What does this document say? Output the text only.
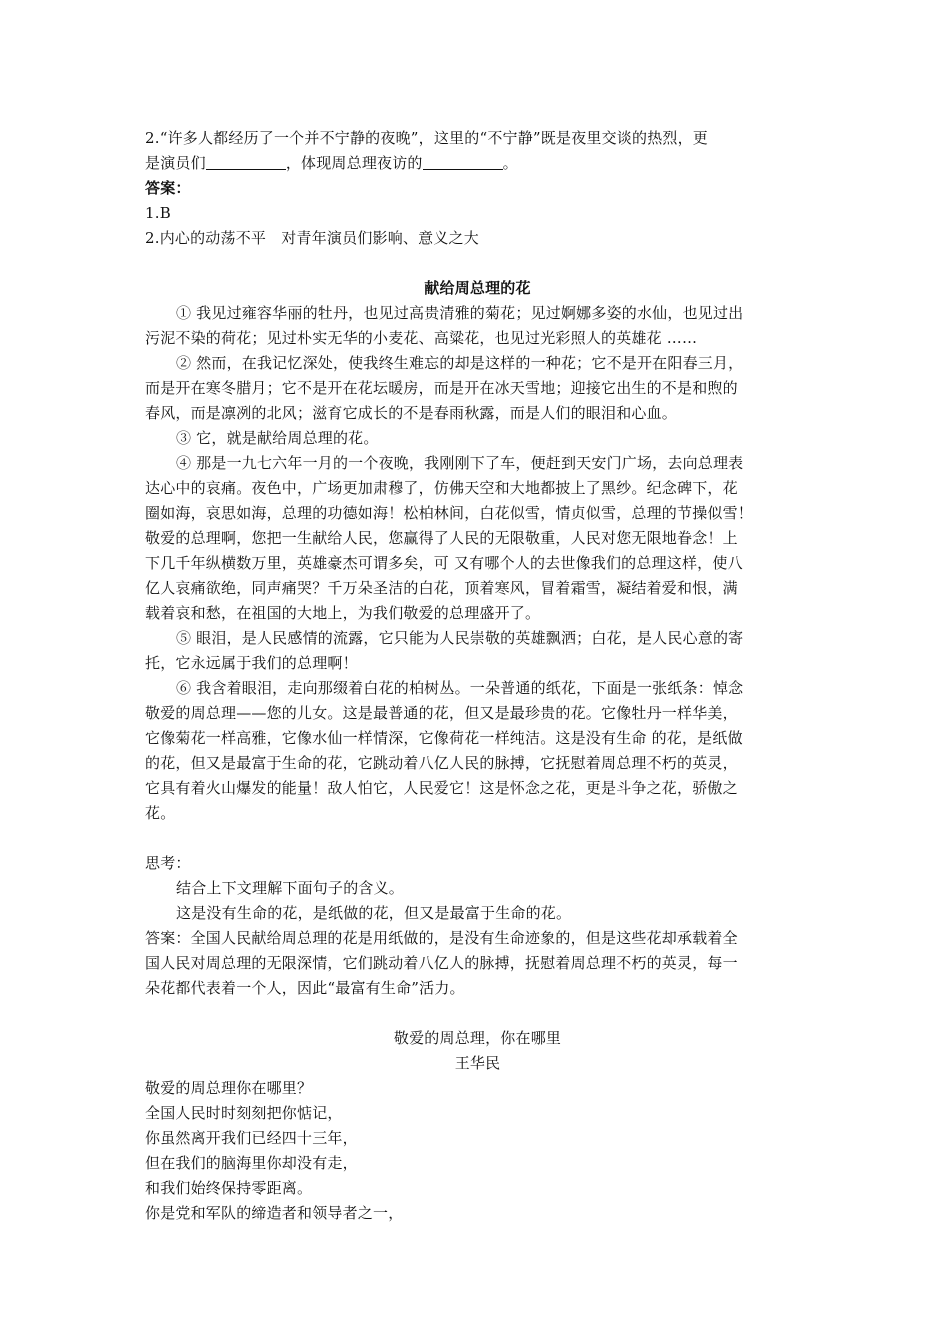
2.“许多人都经历了一个并不宁静的夜晚”，这里的“不宁静”既是夜里交谈的热烈，更
是演员们	，体现周总理夜访的	。
答案：
1.B
2.内心的动荡不平　对青年演员们影响、意义之大
献给周总理的花
① 我见过雍容华丽的牡丹，也见过高贵清雅的菊花；见过婀娜多姿的水仙，也见过出
污泥不染的荷花；见过朴实无华的小麦花、高粱花，也见过光彩照人的英雄花 ……
② 然而，在我记忆深处，使我终生难忘的却是这样的一种花；它不是开在阳春三月，
而是开在寒冬腊月；它不是开在花坛暖房，而是开在冰天雪地；迎接它出生的不是和煦的
春风，而是凛冽的北风；滋育它成长的不是春雨秋露，而是人们的眼泪和心血。
③ 它，就是献给周总理的花。
④ 那是一九七六年一月的一个夜晚，我刚刚下了车，便赶到天安门广场，去向总理表
达心中的哀痛。夜色中，广场更加肃穆了，仿佛天空和大地都披上了黑纱。纪念碑下，花
圈如海，哀思如海，总理的功德如海！松柏林间，白花似雪，情贞似雪，总理的节操似雪！
敬爱的总理啊，您把一生献给人民，您赢得了人民的无限敬重，人民对您无限地眷念！上
下几千年纵横数万里，英雄豪杰可谓多矣，可 又有哪个人的去世像我们的总理这样，使八
亿人哀痛欲绝，同声痛哭？千万朵圣洁的白花，顶着寒风，冒着霜雪，凝结着爱和恨，满
载着哀和愁，在祖国的大地上，为我们敬爱的总理盛开了。
⑤ 眼泪，是人民感情的流露，它只能为人民崇敬的英雄飘洒；白花，是人民心意的寄
托，它永远属于我们的总理啊！
⑥ 我含着眼泪，走向那缀着白花的柏树丛。一朵普通的纸花，下面是一张纸条：悼念
敬爱的周总理——您的儿女。这是最普通的花，但又是最珍贵的花。它像牡丹一样华美，
它像菊花一样高雅，它像水仙一样情深，它像荷花一样纯洁。这是没有生命 的花，是纸做
的花，但又是最富于生命的花，它跳动着八亿人民的脉搏，它抚慰着周总理不朽的英灵，
它具有着火山爆发的能量！敌人怕它，人民爱它！这是怀念之花，更是斗争之花，骄傲之
花。
思考：
结合上下文理解下面句子的含义。
这是没有生命的花，是纸做的花，但又是最富于生命的花。
答案：全国人民献给周总理的花是用纸做的，是没有生命迹象的，但是这些花却承载着全
国人民对周总理的无限深情，它们跳动着八亿人的脉搏，抚慰着周总理不朽的英灵，每一
朵花都代表着一个人，因此“最富有生命”活力。
敬爱的周总理，你在哪里
王华民
敬爱的周总理你在哪里？
全国人民时时刻刻把你惦记，
你虽然离开我们已经四十三年，
但在我们的脑海里你却没有走，
和我们始终保持零距离。
你是党和军队的缔造者和领导者之一，
